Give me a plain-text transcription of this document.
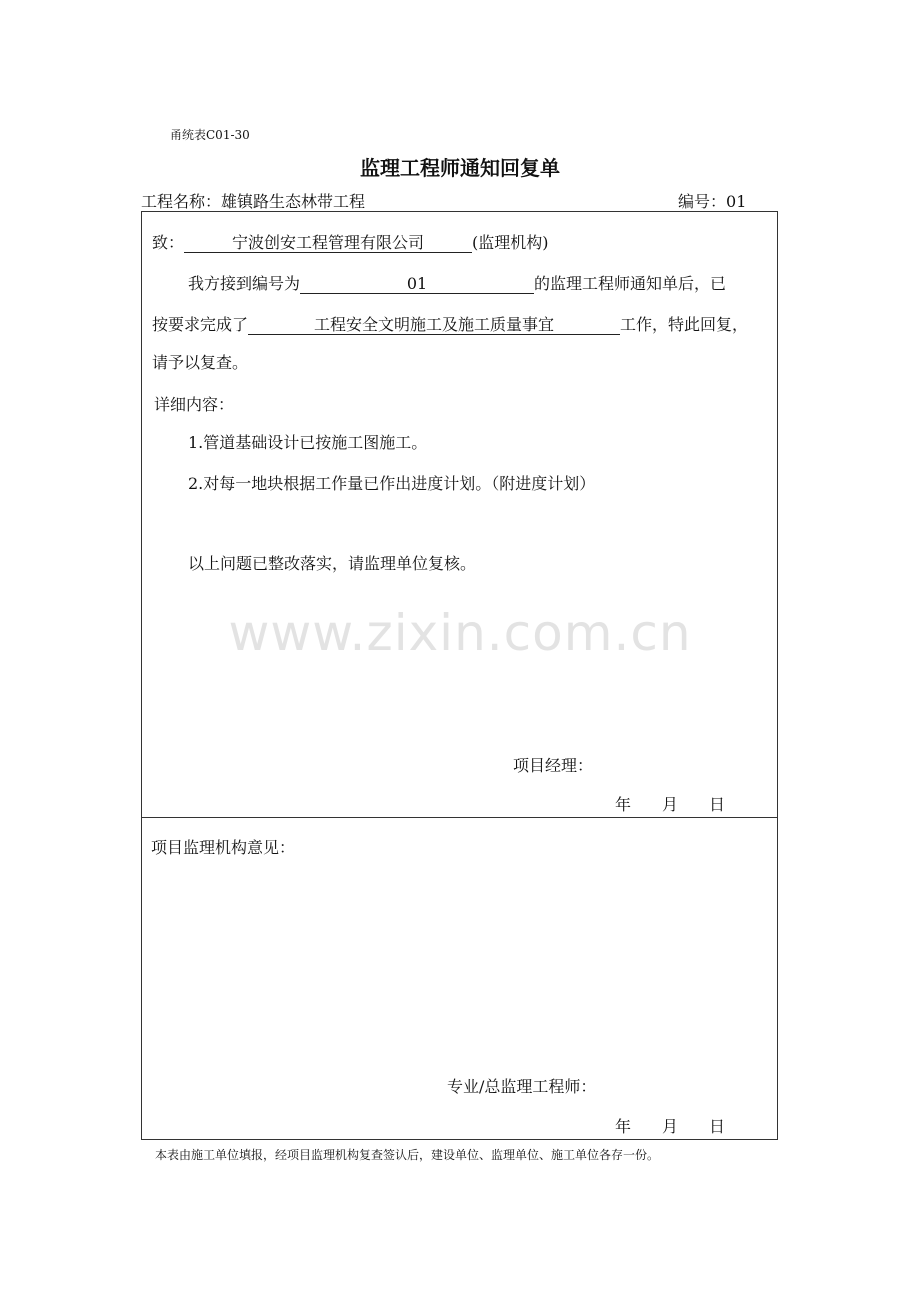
甬统表C01-30
监理工程师通知回复单
工程名称：雄镇路生态林带工程	编号：01
致：	宁波创安工程管理有限公司	(监理机构)
我方接到编号为	01	的监理工程师通知单后，已
按要求完成了	工程安全文明施工及施工质量事宜	工作，特此回复，
请予以复查。
详细内容：
1.管道基础设计已按施工图施工。
2.对每一地块根据工作量已作出进度计划。（附进度计划）
以上问题已整改落实，请监理单位复核。
项目经理：
年 月 日
项目监理机构意见：
专业/总监理工程师：
年 月 日
本表由施工单位填报，经项目监理机构复查签认后，建设单位、监理单位、施工单位各存一份。
www.zixin.com.cn
